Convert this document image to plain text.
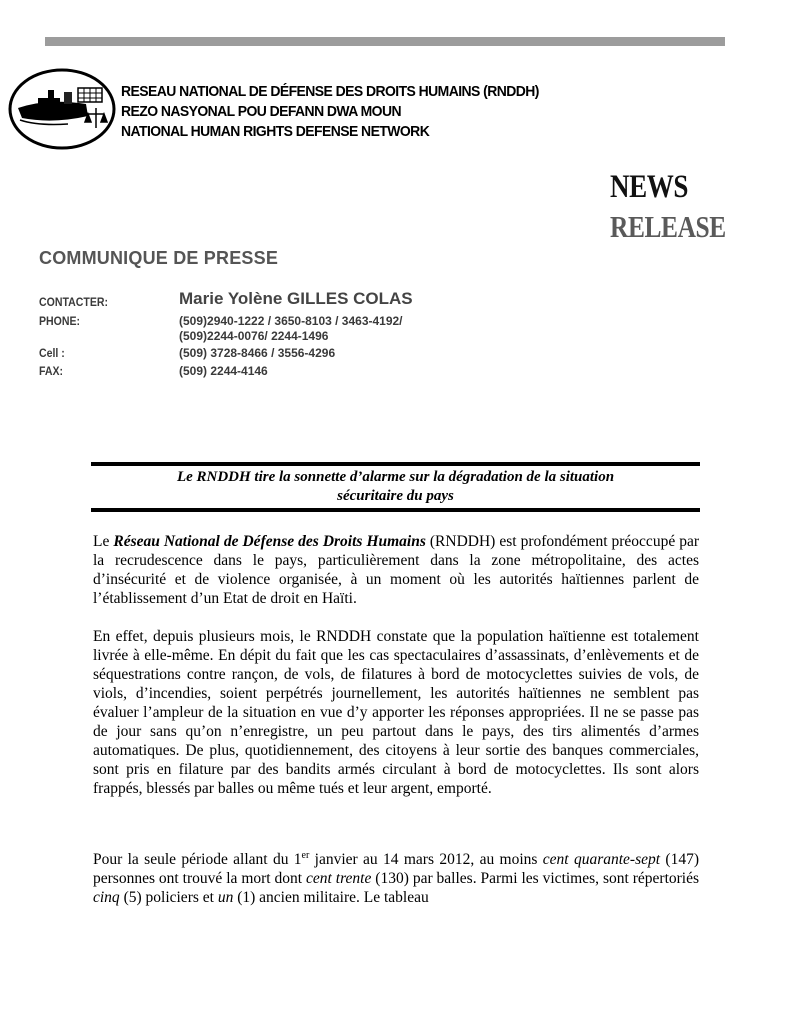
RESEAU NATIONAL DE DÉFENSE DES DROITS HUMAINS (RNDDH)
REZO NASYONAL POU DEFANN DWA MOUN
NATIONAL HUMAN RIGHTS DEFENSE NETWORK
NEWS
RELEASE
COMMUNIQUE DE PRESSE
CONTACTER:	Marie Yolène GILLES COLAS
PHONE:	(509)2940-1222 / 3650-8103 / 3463-4192/
(509)2244-0076/ 2244-1496
Cell :	(509) 3728-8466 / 3556-4296
FAX:	(509) 2244-4146
Le RNDDH tire la sonnette d’alarme sur la dégradation de la situation
sécuritaire du pays

Le Réseau National de Défense des Droits Humains (RNDDH) est profondément préoccupé par la recrudescence dans le pays, particulièrement dans la zone métropolitaine, des actes d’insécurité et de violence organisée, à un moment où les autorités haïtiennes parlent de l’établissement d’un Etat de droit en Haïti.

En effet, depuis plusieurs mois, le RNDDH constate que la population haïtienne est totalement livrée à elle-même. En dépit du fait que les cas spectaculaires d’assassinats, d’enlèvements et de séquestrations contre rançon, de vols, de filatures à bord de motocyclettes suivies de vols, de viols, d’incendies, soient perpétrés journellement, les autorités haïtiennes ne semblent pas évaluer l’ampleur de la situation en vue d’y apporter les réponses appropriées. Il ne se passe pas de jour sans qu’on n’enregistre, un peu partout dans le pays, des tirs alimentés d’armes automatiques. De plus, quotidiennement, des citoyens à leur sortie des banques commerciales, sont pris en filature par des bandits armés circulant à bord de motocyclettes. Ils sont alors frappés, blessés par balles ou même tués et leur argent, emporté.

Pour la seule période allant du 1er janvier au 14 mars 2012, au moins cent quarante-sept (147) personnes ont trouvé la mort dont cent trente (130) par balles. Parmi les victimes, sont répertoriés cinq (5) policiers et un (1) ancien militaire. Le tableau
